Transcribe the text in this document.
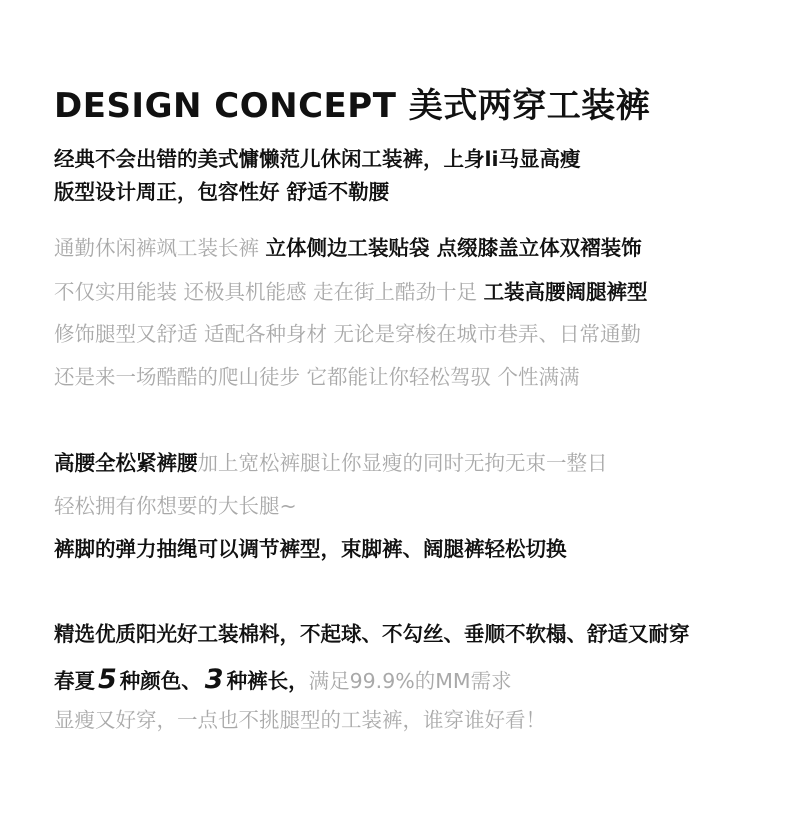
DESIGN CONCEPT 美式两穿工装裤
经典不会出错的美式慵懒范儿休闲工装裤，上身li马显高瘦
版型设计周正，包容性好 舒适不勒腰
通勤休闲裤飒工装长裤 立体侧边工装贴袋 点缀膝盖立体双褶装饰
不仅实用能装 还极具机能感 走在街上酷劲十足 工装高腰阔腿裤型
修饰腿型又舒适 适配各种身材 无论是穿梭在城市巷弄、日常通勤
还是来一场酷酷的爬山徒步 它都能让你轻松驾驭 个性满满
高腰全松紧裤腰加上宽松裤腿让你显瘦的同时无拘无束一整日
轻松拥有你想要的大长腿~
裤脚的弹力抽绳可以调节裤型，束脚裤、阔腿裤轻松切换
精选优质阳光好工装棉料，不起球、不勾丝、垂顺不软榻、舒适又耐穿
春夏 5 种颜色、 3 种裤长，满足99.9%的MM需求
显瘦又好穿，一点也不挑腿型的工装裤，谁穿谁好看！
